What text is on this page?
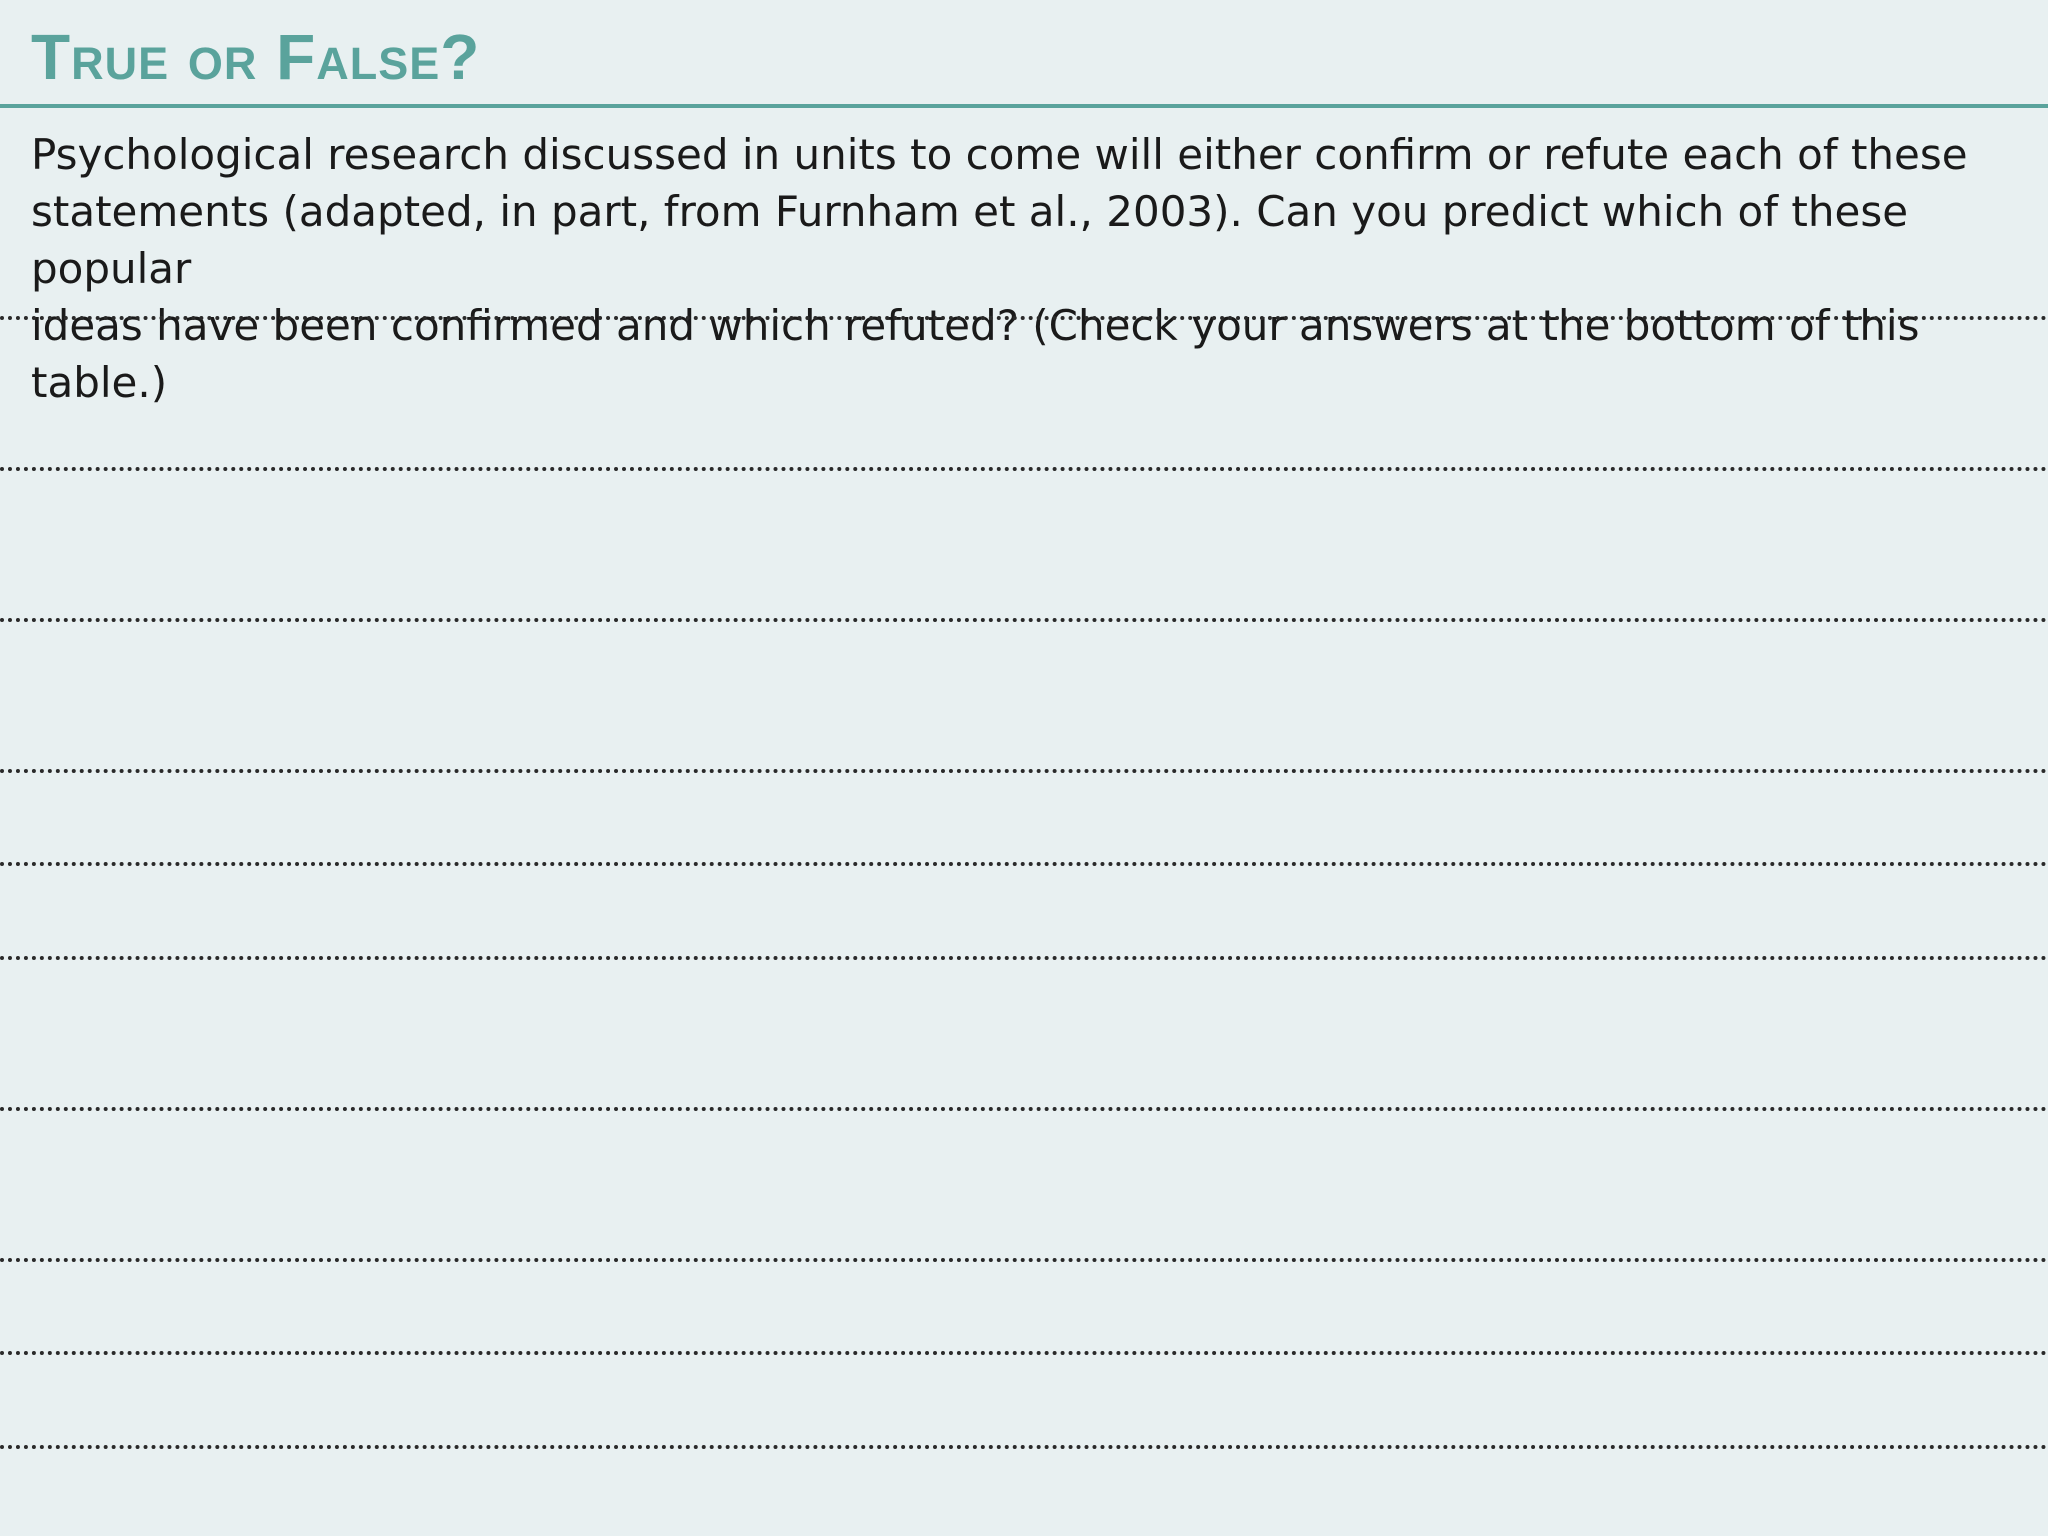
True or False?

Psychological research discussed in units to come will either confirm or refute each of these
statements (adapted, in part, from Furnham et al., 2003). Can you predict which of these popular
ideas have been confirmed and which refuted? (Check your answers at the bottom of this table.)
